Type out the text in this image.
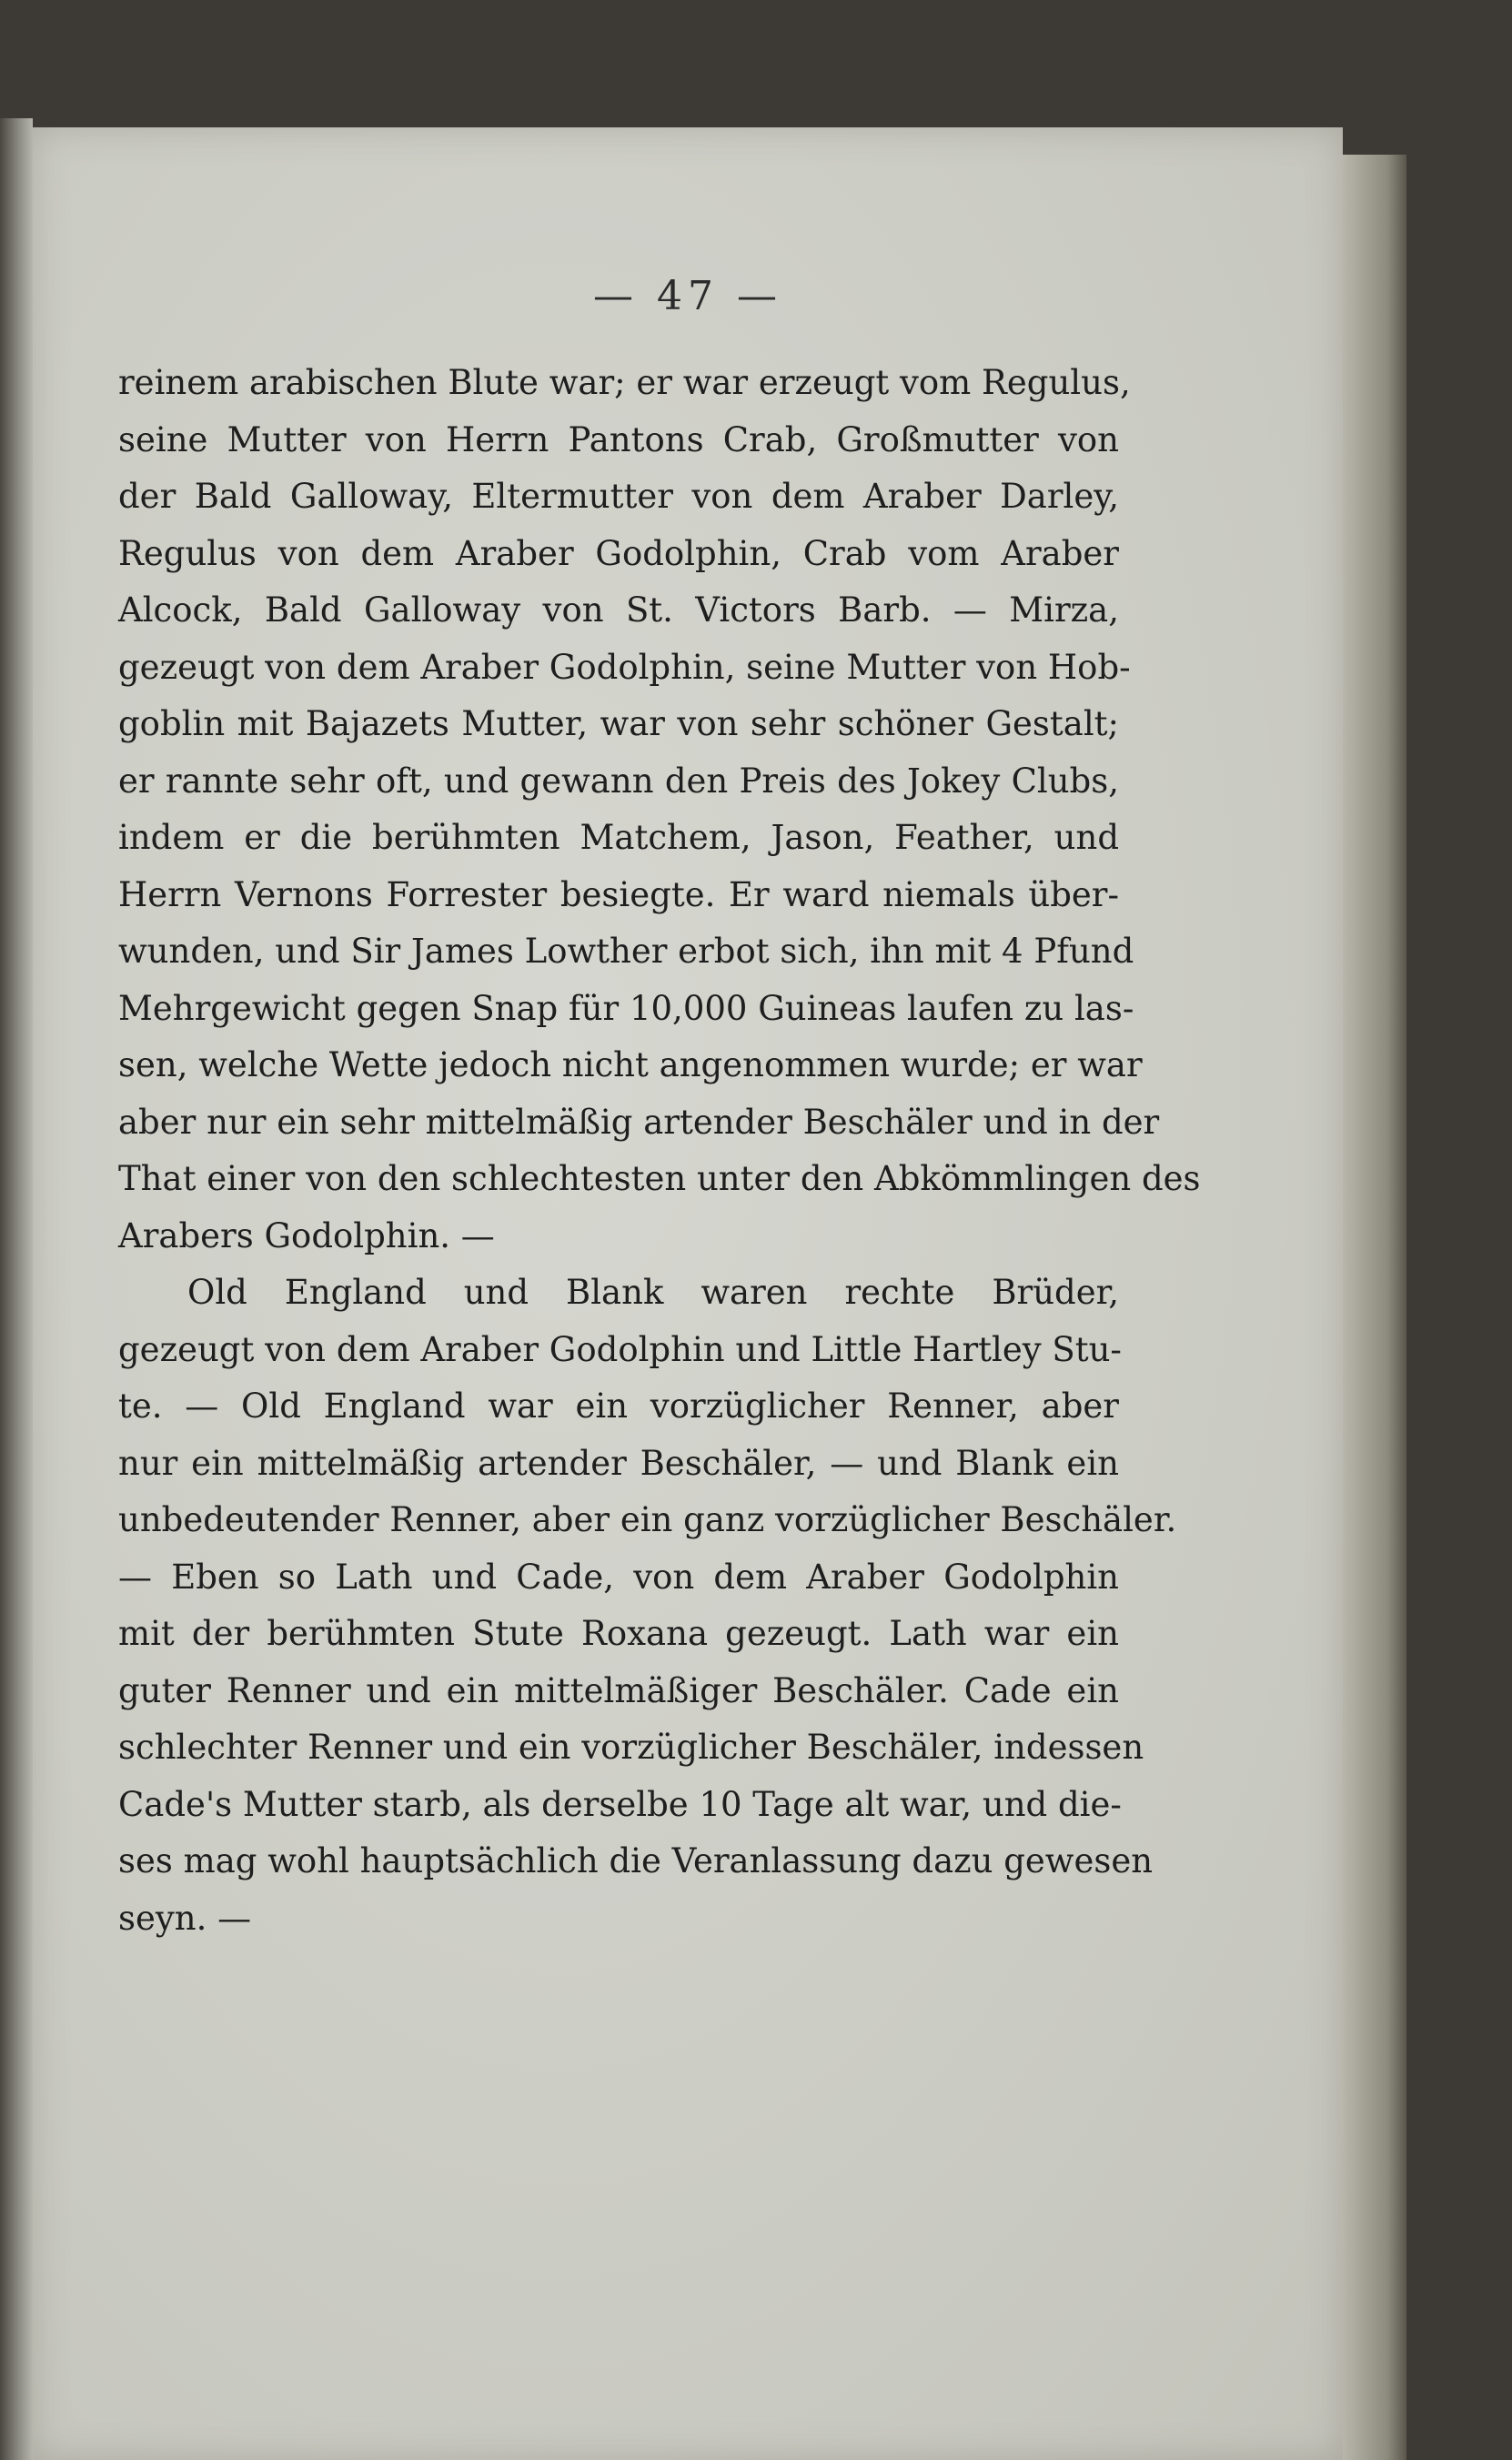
— 47 —
reinem arabischen Blute war; er war erzeugt vom Regulus,
seine Mutter von Herrn Pantons Crab, Großmutter von
der Bald Galloway, Eltermutter von dem Araber Darley,
Regulus von dem Araber Godolphin, Crab vom Araber
Alcock, Bald Galloway von St. Victors Barb. — Mirza,
gezeugt von dem Araber Godolphin, seine Mutter von Hob-
goblin mit Bajazets Mutter, war von sehr schöner Gestalt;
er rannte sehr oft, und gewann den Preis des Jokey Clubs,
indem er die berühmten Matchem, Jason, Feather, und
Herrn Vernons Forrester besiegte. Er ward niemals über-
wunden, und Sir James Lowther erbot sich, ihn mit 4 Pfund
Mehrgewicht gegen Snap für 10,000 Guineas laufen zu las-
sen, welche Wette jedoch nicht angenommen wurde; er war
aber nur ein sehr mittelmäßig artender Beschäler und in der
That einer von den schlechtesten unter den Abkömmlingen des
Arabers Godolphin. —
Old England und Blank waren rechte Brüder,
gezeugt von dem Araber Godolphin und Little Hartley Stu-
te. — Old England war ein vorzüglicher Renner, aber
nur ein mittelmäßig artender Beschäler, — und Blank ein
unbedeutender Renner, aber ein ganz vorzüglicher Beschäler.
— Eben so Lath und Cade, von dem Araber Godolphin
mit der berühmten Stute Roxana gezeugt. Lath war ein
guter Renner und ein mittelmäßiger Beschäler. Cade ein
schlechter Renner und ein vorzüglicher Beschäler, indessen
Cade's Mutter starb, als derselbe 10 Tage alt war, und die-
ses mag wohl hauptsächlich die Veranlassung dazu gewesen
seyn. —
